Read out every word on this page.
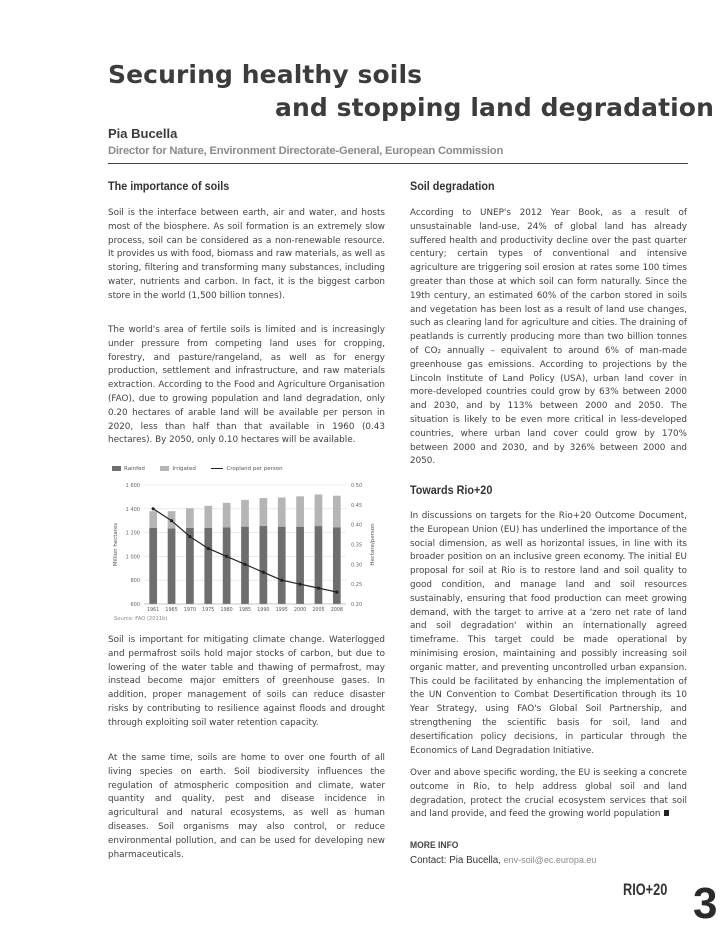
Securing healthy soils
and stopping land degradation
Pia Bucella
Director for Nature, Environment Directorate-General, European Commission
The importance of soils

Soil is the interface between earth, air and water, and hosts most of the biosphere. As soil formation is an extremely slow process, soil can be considered as a non-renewable resource. It provides us with food, biomass and raw materials, as well as storing, filtering and transforming many substances, including water, nutrients and carbon. In fact, it is the biggest carbon store in the world (1,500 billion tonnes).

The world's area of fertile soils is limited and is increasingly under pressure from competing land uses for cropping, forestry, and pasture/rangeland, as well as for energy production, settlement and infrastructure, and raw materials extraction. According to the Food and Agriculture Organisation (FAO), due to growing population and land degradation, only 0.20 hectares of arable land will be available per person in 2020, less than half than that available in 1960 (0.43 hectares). By 2050, only 0.10 hectares will be available.

Rainfed	Irrigated	Cropland per person
1 600
1 400
1 200
1 000
800
600
0.50
0.45
0.40
0.35
0.30
0.25
0.20
Million hectares	Hectare/person
1961 1965 1970 1975 1980 1985 1990 1995 2000 2005 2008
Source: FAO (2011b)

Soil is important for mitigating climate change. Waterlogged and permafrost soils hold major stocks of carbon, but due to lowering of the water table and thawing of permafrost, may instead become major emitters of greenhouse gases. In addition, proper management of soils can reduce disaster risks by contributing to resilience against floods and drought through exploiting soil water retention capacity.

At the same time, soils are home to over one fourth of all living species on earth. Soil biodiversity influences the regulation of atmospheric composition and climate, water quantity and quality, pest and disease incidence in agricultural and natural ecosystems, as well as human diseases. Soil organisms may also control, or reduce environmental pollution, and can be used for developing new pharmaceuticals.

Soil degradation

According to UNEP's 2012 Year Book, as a result of unsustainable land-use, 24% of global land has already suffered health and productivity decline over the past quarter century; certain types of conventional and intensive agriculture are triggering soil erosion at rates some 100 times greater than those at which soil can form naturally. Since the 19th century, an estimated 60% of the carbon stored in soils and vegetation has been lost as a result of land use changes, such as clearing land for agriculture and cities. The draining of peatlands is currently producing more than two billion tonnes of CO₂ annually – equivalent to around 6% of man-made greenhouse gas emissions. According to projections by the Lincoln Institute of Land Policy (USA), urban land cover in more-developed countries could grow by 63% between 2000 and 2030, and by 113% between 2000 and 2050. The situation is likely to be even more critical in less-developed countries, where urban land cover could grow by 170% between 2000 and 2030, and by 326% between 2000 and 2050.

Towards Rio+20

In discussions on targets for the Rio+20 Outcome Document, the European Union (EU) has underlined the importance of the social dimension, as well as horizontal issues, in line with its broader position on an inclusive green economy. The initial EU proposal for soil at Rio is to restore land and soil quality to good condition, and manage land and soil resources sustainably, ensuring that food production can meet growing demand, with the target to arrive at a 'zero net rate of land and soil degradation' within an internationally agreed timeframe. This target could be made operational by minimising erosion, maintaining and possibly increasing soil organic matter, and preventing uncontrolled urban expansion. This could be facilitated by enhancing the implementation of the UN Convention to Combat Desertification through its 10 Year Strategy, using FAO's Global Soil Partnership, and strengthening the scientific basis for soil, land and desertification policy decisions, in particular through the Economics of Land Degradation Initiative.

Over and above specific wording, the EU is seeking a concrete outcome in Rio, to help address global soil and land degradation, protect the crucial ecosystem services that soil and land provide, and feed the growing world population

MORE INFO
Contact: Pia Bucella, env-soil@ec.europa.eu
RIO+20 3
